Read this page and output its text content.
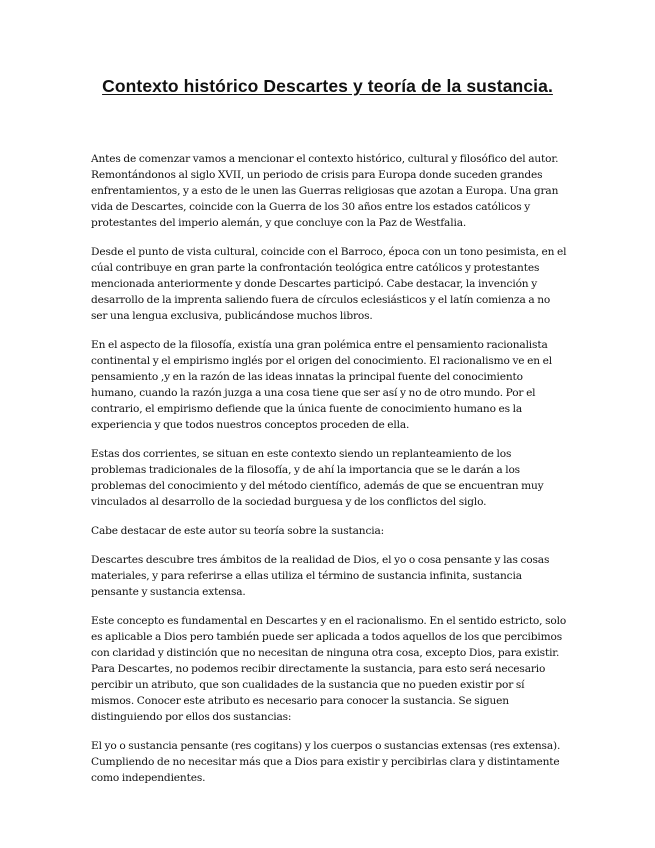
Contexto histórico Descartes y teoría de la sustancia.

Antes de comenzar vamos a mencionar el contexto histórico, cultural y filosófico del autor. Remontándonos al siglo XVII, un periodo de crisis para Europa donde suceden grandes enfrentamientos, y a esto de le unen las Guerras religiosas que azotan a Europa. Una gran vida de Descartes, coincide con la Guerra de los 30 años entre los estados católicos y protestantes del imperio alemán, y que concluye con la Paz de Westfalia.

Desde el punto de vista cultural, coincide con el Barroco, época con un tono pesimista, en el cúal contribuye en gran parte la confrontación teológica entre católicos y protestantes mencionada anteriormente y donde Descartes participó. Cabe destacar, la invención y desarrollo de la imprenta saliendo fuera de círculos eclesiásticos y el latín comienza a no ser una lengua exclusiva, publicándose muchos libros.

En el aspecto de la filosofía, existía una gran polémica entre el pensamiento racionalista continental y el empirismo inglés por el origen del conocimiento. El racionalismo ve en el pensamiento ,y en la razón de las ideas innatas la principal fuente del conocimiento humano, cuando la razón juzga a una cosa tiene que ser así y no de otro mundo. Por el contrario, el empirismo defiende que la única fuente de conocimiento humano es la experiencia y que todos nuestros conceptos proceden de ella.

Estas dos corrientes, se situan en este contexto siendo un replanteamiento de los problemas tradicionales de la filosofía, y de ahí la importancia que se le darán a los problemas del conocimiento y del método científico, además de que se encuentran muy vinculados al desarrollo de la sociedad burguesa y de los conflictos del siglo.

Cabe destacar de este autor su teoría sobre la sustancia:

Descartes descubre tres ámbitos de la realidad de Dios, el yo o cosa pensante y las cosas materiales, y para referirse a ellas utiliza el término de sustancia infinita, sustancia pensante y sustancia extensa.

Este concepto es fundamental en Descartes y en el racionalismo. En el sentido estricto, solo es aplicable a Dios pero también puede ser aplicada a todos aquellos de los que percibimos con claridad y distinción que no necesitan de ninguna otra cosa, excepto Dios, para existir. Para Descartes, no podemos recibir directamente la sustancia, para esto será necesario percibir un atributo, que son cualidades de la sustancia que no pueden existir por sí mismos. Conocer este atributo es necesario para conocer la sustancia. Se siguen distinguiendo por ellos dos sustancias:

El yo o sustancia pensante (res cogitans) y los cuerpos o sustancias extensas (res extensa). Cumpliendo de no necesitar más que a Dios para existir y percibirlas clara y distintamente como independientes.
